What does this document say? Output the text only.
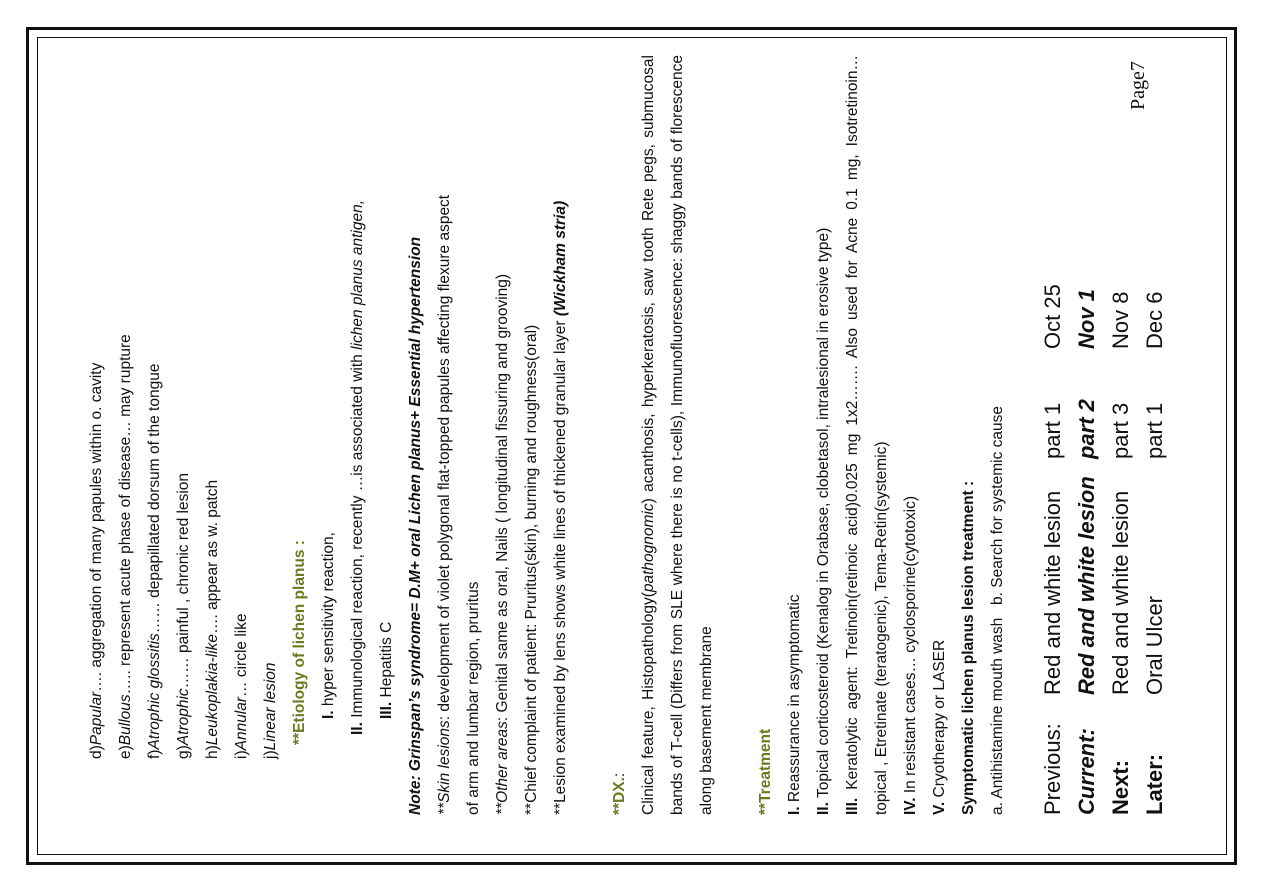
d)Papular…. aggregation of many papules within o. cavity
e)Bullous….. represent acute phase of disease… may rupture
f)Atrophic glossitis…… depapillated dorsum of the tongue
g)Atrophic…… painful , chronic red lesion
h)Leukoplakia-like…. appear as w. patch
i)Annular… circle like
j)Linear lesion **Etiology of lichen planus : I. hyper sensitivity reaction,
II. Immunological reaction, recently …is associated with lichen planus antigen,
III. Hepatitis C Note: Grinspan’s syndrome= D.M+ oral Lichen planus+ Essential hypertension **Skin lesions: development of violet polygonal flat-topped papules affecting flexure aspect of arm and lumbar region, pruritus **Other areas: Genital same as oral, Nails ( longitudinal fissuring and grooving) **Chief complaint of patient: Pruritus(skin), burning and roughness(oral) **Lesion examined by lens shows white lines of thickened granular layer (Wickham stria)
**DX.: Clinical feature, Histopathology(pathognomic) acanthosis, hyperkeratosis, saw tooth Rete pegs, submucosal bands of T-cell (Differs from SLE where there is no t-cells), Immunofluorescence: shaggy bands of florescence along basement membrane	**Treatment I. Reassurance in asymptomatic
II. Topical corticosteroid (Kenalog in Orabase, clobetasol, intralesional in erosive type)
III. Keratolytic agent: Tretinoin(retinoic acid)0.025 mg 1x2……. Also used for Acne 0.1 mg, Isotretinoin… topical , Etretinate (teratogenic), Tema-Retin(systemic) IV. In resistant cases… cyclosporine(cytotoxic)
V. Cryotherapy or LASER Symptomatic lichen planus lesion treatment : a. Antihistamine mouth wash
b. Search for systemic cause
Previous:
Red and white lesion
part 1
Oct 25
Current:
Red and white lesion
part 2
Nov 1
Next:
Red and white lesion
part 3
Nov 8
Later:
Oral Ulcer
part 1
Dec 6
Page7
